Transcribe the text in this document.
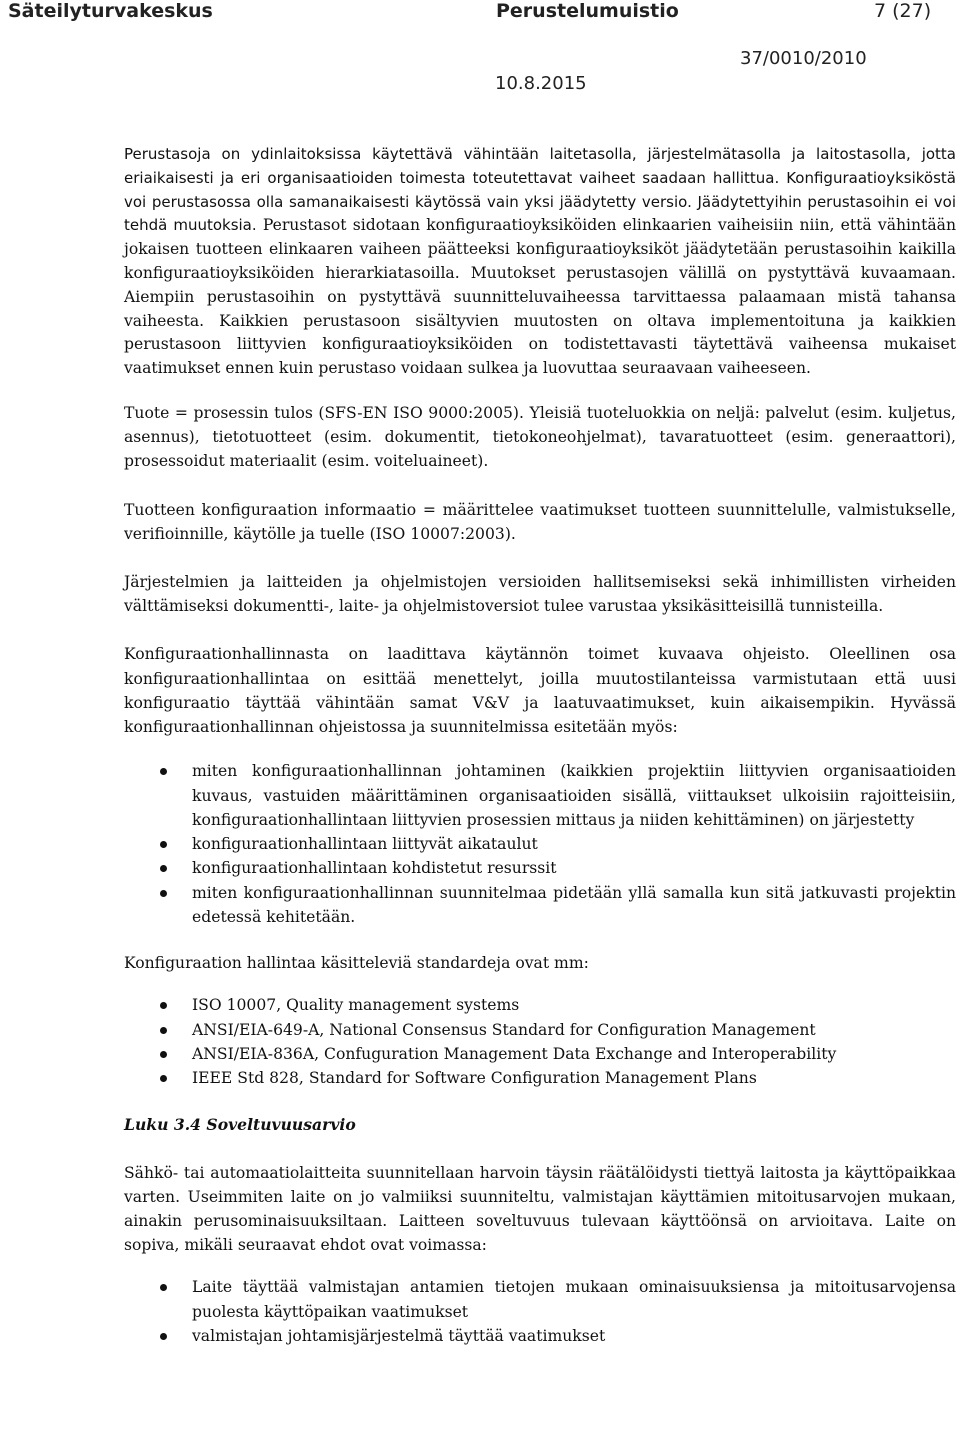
Säteilyturvakeskus	Perustelumuistio	7 (27)
37/0010/2010
10.8.2015

Perustasoja on ydinlaitoksissa käytettävä vähintään laitetasolla, järjestelmätasolla ja laitostasolla, jotta eriaikaisesti ja eri organisaatioiden toimesta toteutettavat vaiheet saadaan hallittua. Konfiguraatioyksiköstä voi perustasossa olla samanaikaisesti käytössä vain yksi jäädytetty versio. Jäädytettyihin perustasoihin ei voi tehdä muutoksia. Perustasot sidotaan konfiguraatioyksiköiden elinkaarien vaiheisiin niin, että vähintään jokaisen tuotteen elinkaaren vaiheen päätteeksi konfiguraatioyksiköt jäädytetään perustasoihin kaikilla konfiguraatioyksiköiden hierarkiatasoilla. Muutokset perustasojen välillä on pystyttävä kuvaamaan. Aiempiin perustasoihin on pystyttävä suunnitteluvaiheessa tarvittaessa palaamaan mistä tahansa vaiheesta. Kaikkien perustasoon sisältyvien muutosten on oltava implementoituna ja kaikkien perustasoon liittyvien konfiguraatioyksiköiden on todistettavasti täytettävä vaiheensa mukaiset vaatimukset ennen kuin perustaso voidaan sulkea ja luovuttaa seuraavaan vaiheeseen.

Tuote = prosessin tulos (SFS-EN ISO 9000:2005). Yleisiä tuoteluokkia on neljä: palvelut (esim. kuljetus, asennus), tietotuotteet (esim. dokumentit, tietokoneohjelmat), tavaratuotteet (esim. generaattori), prosessoidut materiaalit (esim. voiteluaineet).

Tuotteen konfiguraation informaatio = määrittelee vaatimukset tuotteen suunnittelulle, valmistukselle, verifioinnille, käytölle ja tuelle (ISO 10007:2003).

Järjestelmien ja laitteiden ja ohjelmistojen versioiden hallitsemiseksi sekä inhimillisten virheiden välttämiseksi dokumentti-, laite- ja ohjelmistoversiot tulee varustaa yksikäsitteisillä tunnisteilla.

Konfiguraationhallinnasta on laadittava käytännön toimet kuvaava ohjeisto. Oleellinen osa konfiguraationhallintaa on esittää menettelyt, joilla muutostilanteissa varmistutaan että uusi konfiguraatio täyttää vähintään samat V&V ja laatuvaatimukset, kuin aikaisempikin. Hyvässä konfiguraationhallinnan ohjeistossa ja suunnitelmissa esitetään myös:

miten konfiguraationhallinnan johtaminen (kaikkien projektiin liittyvien organisaatioiden kuvaus, vastuiden määrittäminen organisaatioiden sisällä, viittaukset ulkoisiin rajoitteisiin, konfiguraationhallintaan liittyvien prosessien mittaus ja niiden kehittäminen) on järjestetty
konfiguraationhallintaan liittyvät aikataulut
konfiguraationhallintaan kohdistetut resurssit
miten konfiguraationhallinnan suunnitelmaa pidetään yllä samalla kun sitä jatkuvasti projektin edetessä kehitetään.

Konfiguraation hallintaa käsitteleviä standardeja ovat mm:

ISO 10007, Quality management systems
ANSI/EIA-649-A, National Consensus Standard for Configuration Management
ANSI/EIA-836A, Confuguration Management Data Exchange and Interoperability
IEEE Std 828, Standard for Software Configuration Management Plans
Luku 3.4 Soveltuvuusarvio

Sähkö- tai automaatiolaitteita suunnitellaan harvoin täysin räätälöidysti tiettyä laitosta ja käyttöpaikkaa varten. Useimmiten laite on jo valmiiksi suunniteltu, valmistajan käyttämien mitoitusarvojen mukaan, ainakin perusominaisuuksiltaan. Laitteen soveltuvuus tulevaan käyttöönsä on arvioitava. Laite on sopiva, mikäli seuraavat ehdot ovat voimassa:

Laite täyttää valmistajan antamien tietojen mukaan ominaisuuksiensa ja mitoitusarvojensa puolesta käyttöpaikan vaatimukset
valmistajan johtamisjärjestelmä täyttää vaatimukset
